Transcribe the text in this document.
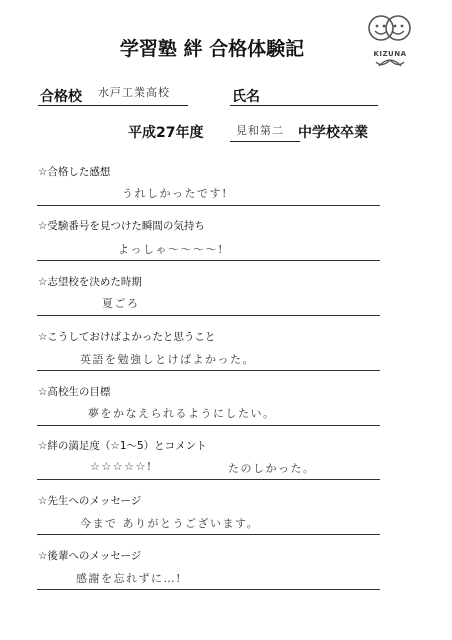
学習塾 絆 合格体験記	KIZUNA
合格校 水戸工業高校	氏名
平成27年度	見和第二 中学校卒業
☆合格した感想
うれしかったです!
☆受験番号を見つけた瞬間の気持ち
よっしゃ〜〜〜〜!
☆志望校を決めた時期
夏ごろ
☆こうしておけばよかったと思うこと
英語を勉強しとけばよかった。
☆高校生の目標
夢をかなえられるようにしたい。
☆絆の満足度（☆1〜5）とコメント
☆☆☆☆☆!	たのしかった。
☆先生へのメッセージ
今まで ありがとうございます。
☆後輩へのメッセージ
感謝を忘れずに…!
